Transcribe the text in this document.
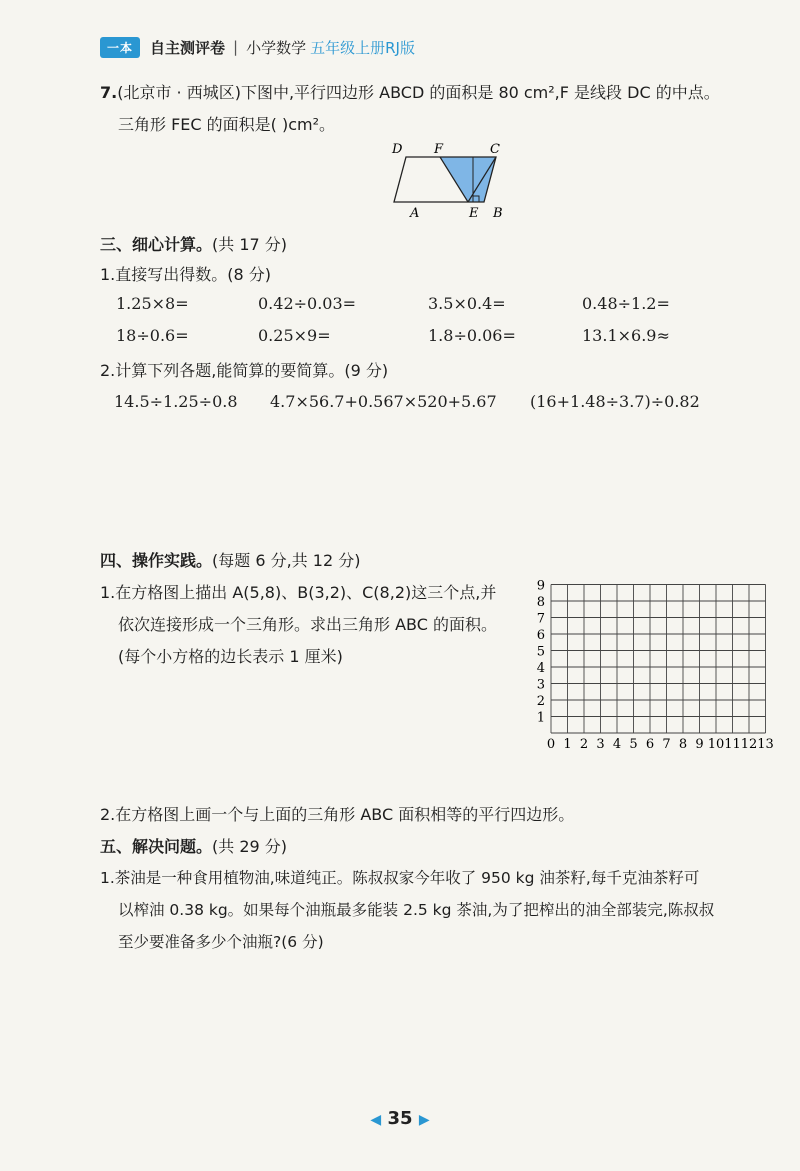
一本	自主测评卷 | 小学数学 五年级上册RJ版
7.(北京市 · 西城区)下图中,平行四边形 ABCD 的面积是 80 cm²,F 是线段 DC 的中点。
三角形 FEC 的面积是( )cm²。
D F	C
A	E B
三、细心计算。(共 17 分)
1.直接写出得数。(8 分)
1.25×8=	0.42÷0.03=	3.5×0.4=	0.48÷1.2=
18÷0.6=	0.25×9=	1.8÷0.06=	13.1×6.9≈
2.计算下列各题,能简算的要简算。(9 分)
14.5÷1.25÷0.8 4.7×56.7+0.567×520+5.67 (16+1.48÷3.7)÷0.82
四、操作实践。(每题 6 分,共 12 分)
1.在方格图上描出 A(5,8)、B(3,2)、C(8,2)这三个点,并
依次连接形成一个三角形。求出三角形 ABC 的面积。
(每个小方格的边长表示 1 厘米)
0 1 2 3 4 5 6 7 8 9 10 11 12 13
1
2
3
4
5
6
7
8
9
2.在方格图上画一个与上面的三角形 ABC 面积相等的平行四边形。
五、解决问题。(共 29 分)
1.茶油是一种食用植物油,味道纯正。陈叔叔家今年收了 950 kg 油茶籽,每千克油茶籽可
以榨油 0.38 kg。如果每个油瓶最多能装 2.5 kg 茶油,为了把榨出的油全部装完,陈叔叔
至少要准备多少个油瓶?(6 分)
◀ 35 ▶
